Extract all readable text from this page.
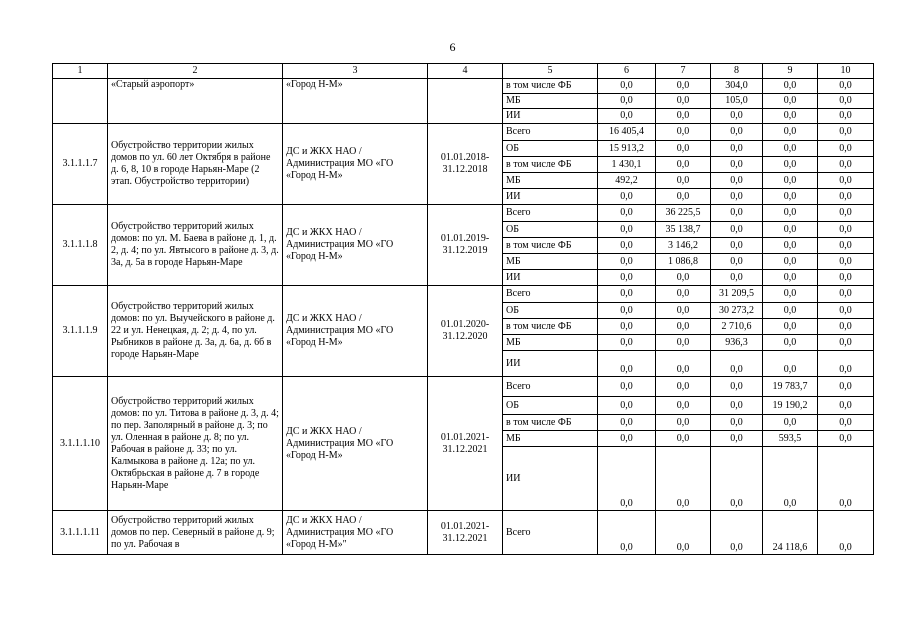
6
1	2	3	4	5	6	7	8	9	10
	«Старый аэропорт»	«Город Н-М»		в том числе ФБ	0,0	0,0	304,0	0,0	0,0
				МБ	0,0	0,0	105,0	0,0	0,0
				ИИ	0,0	0,0	0,0	0,0	0,0
3.1.1.1.7	Обустройство территории жилых домов по ул. 60 лет Октября в районе д. 6, 8, 10 в городе Нарьян-Маре (2 этап. Обустройство территории)	ДС и ЖКХ НАО / Администрация МО «ГО «Город Н-М»	01.01.2018-31.12.2018	Всего	16 405,4	0,0	0,0	0,0	0,0
				ОБ	15 913,2	0,0	0,0	0,0	0,0
				в том числе ФБ	1 430,1	0,0	0,0	0,0	0,0
				МБ	492,2	0,0	0,0	0,0	0,0
				ИИ	0,0	0,0	0,0	0,0	0,0
3.1.1.1.8	Обустройство территорий жилых домов: по ул. М. Баева в районе д. 1, д. 2, д. 4; по ул. Явтысого в районе д. 3, д. 3а, д. 5а в городе Нарьян-Маре	ДС и ЖКХ НАО / Администрация МО «ГО «Город Н-М»	01.01.2019-31.12.2019	Всего	0,0	36 225,5	0,0	0,0	0,0
				ОБ	0,0	35 138,7	0,0	0,0	0,0
				в том числе ФБ	0,0	3 146,2	0,0	0,0	0,0
				МБ	0,0	1 086,8	0,0	0,0	0,0
				ИИ	0,0	0,0	0,0	0,0	0,0
3.1.1.1.9	Обустройство территорий жилых домов: по ул. Выучейского в районе д. 22 и ул. Ненецкая, д. 2; д. 4, по ул. Рыбников в районе д. 3а, д. 6а, д. 6б в городе Нарьян-Маре	ДС и ЖКХ НАО / Администрация МО «ГО «Город Н-М»	01.01.2020-31.12.2020	Всего	0,0	0,0	31 209,5	0,0	0,0
				ОБ	0,0	0,0	30 273,2	0,0	0,0
				в том числе ФБ	0,0	0,0	2 710,6	0,0	0,0
				МБ	0,0	0,0	936,3	0,0	0,0
				ИИ	0,0	0,0	0,0	0,0	0,0
3.1.1.1.10	Обустройство территорий жилых домов: по ул. Титова в районе д. 3, д. 4; по пер. Заполярный в районе д. 3; по ул. Оленная в районе д. 8; по ул. Рабочая в районе д. 33; по ул. Калмыкова в районе д. 12а; по ул. Октябрьская в районе д. 7 в городе Нарьян-Маре	ДС и ЖКХ НАО / Администрация МО «ГО «Город Н-М»	01.01.2021-31.12.2021	Всего	0,0	0,0	0,0	19 783,7	0,0
				ОБ	0,0	0,0	0,0	19 190,2	0,0
				в том числе ФБ	0,0	0,0	0,0	0,0	0,0
				МБ	0,0	0,0	0,0	593,5	0,0
				ИИ	0,0	0,0	0,0	0,0	0,0
3.1.1.1.11	Обустройство территорий жилых домов по пер. Северный в районе д. 9; по ул. Рабочая в	ДС и ЖКХ НАО / Администрация МО «ГО «Город Н-М»"	01.01.2021-31.12.2021	Всего	0,0	0,0	0,0	24 118,6	0,0
